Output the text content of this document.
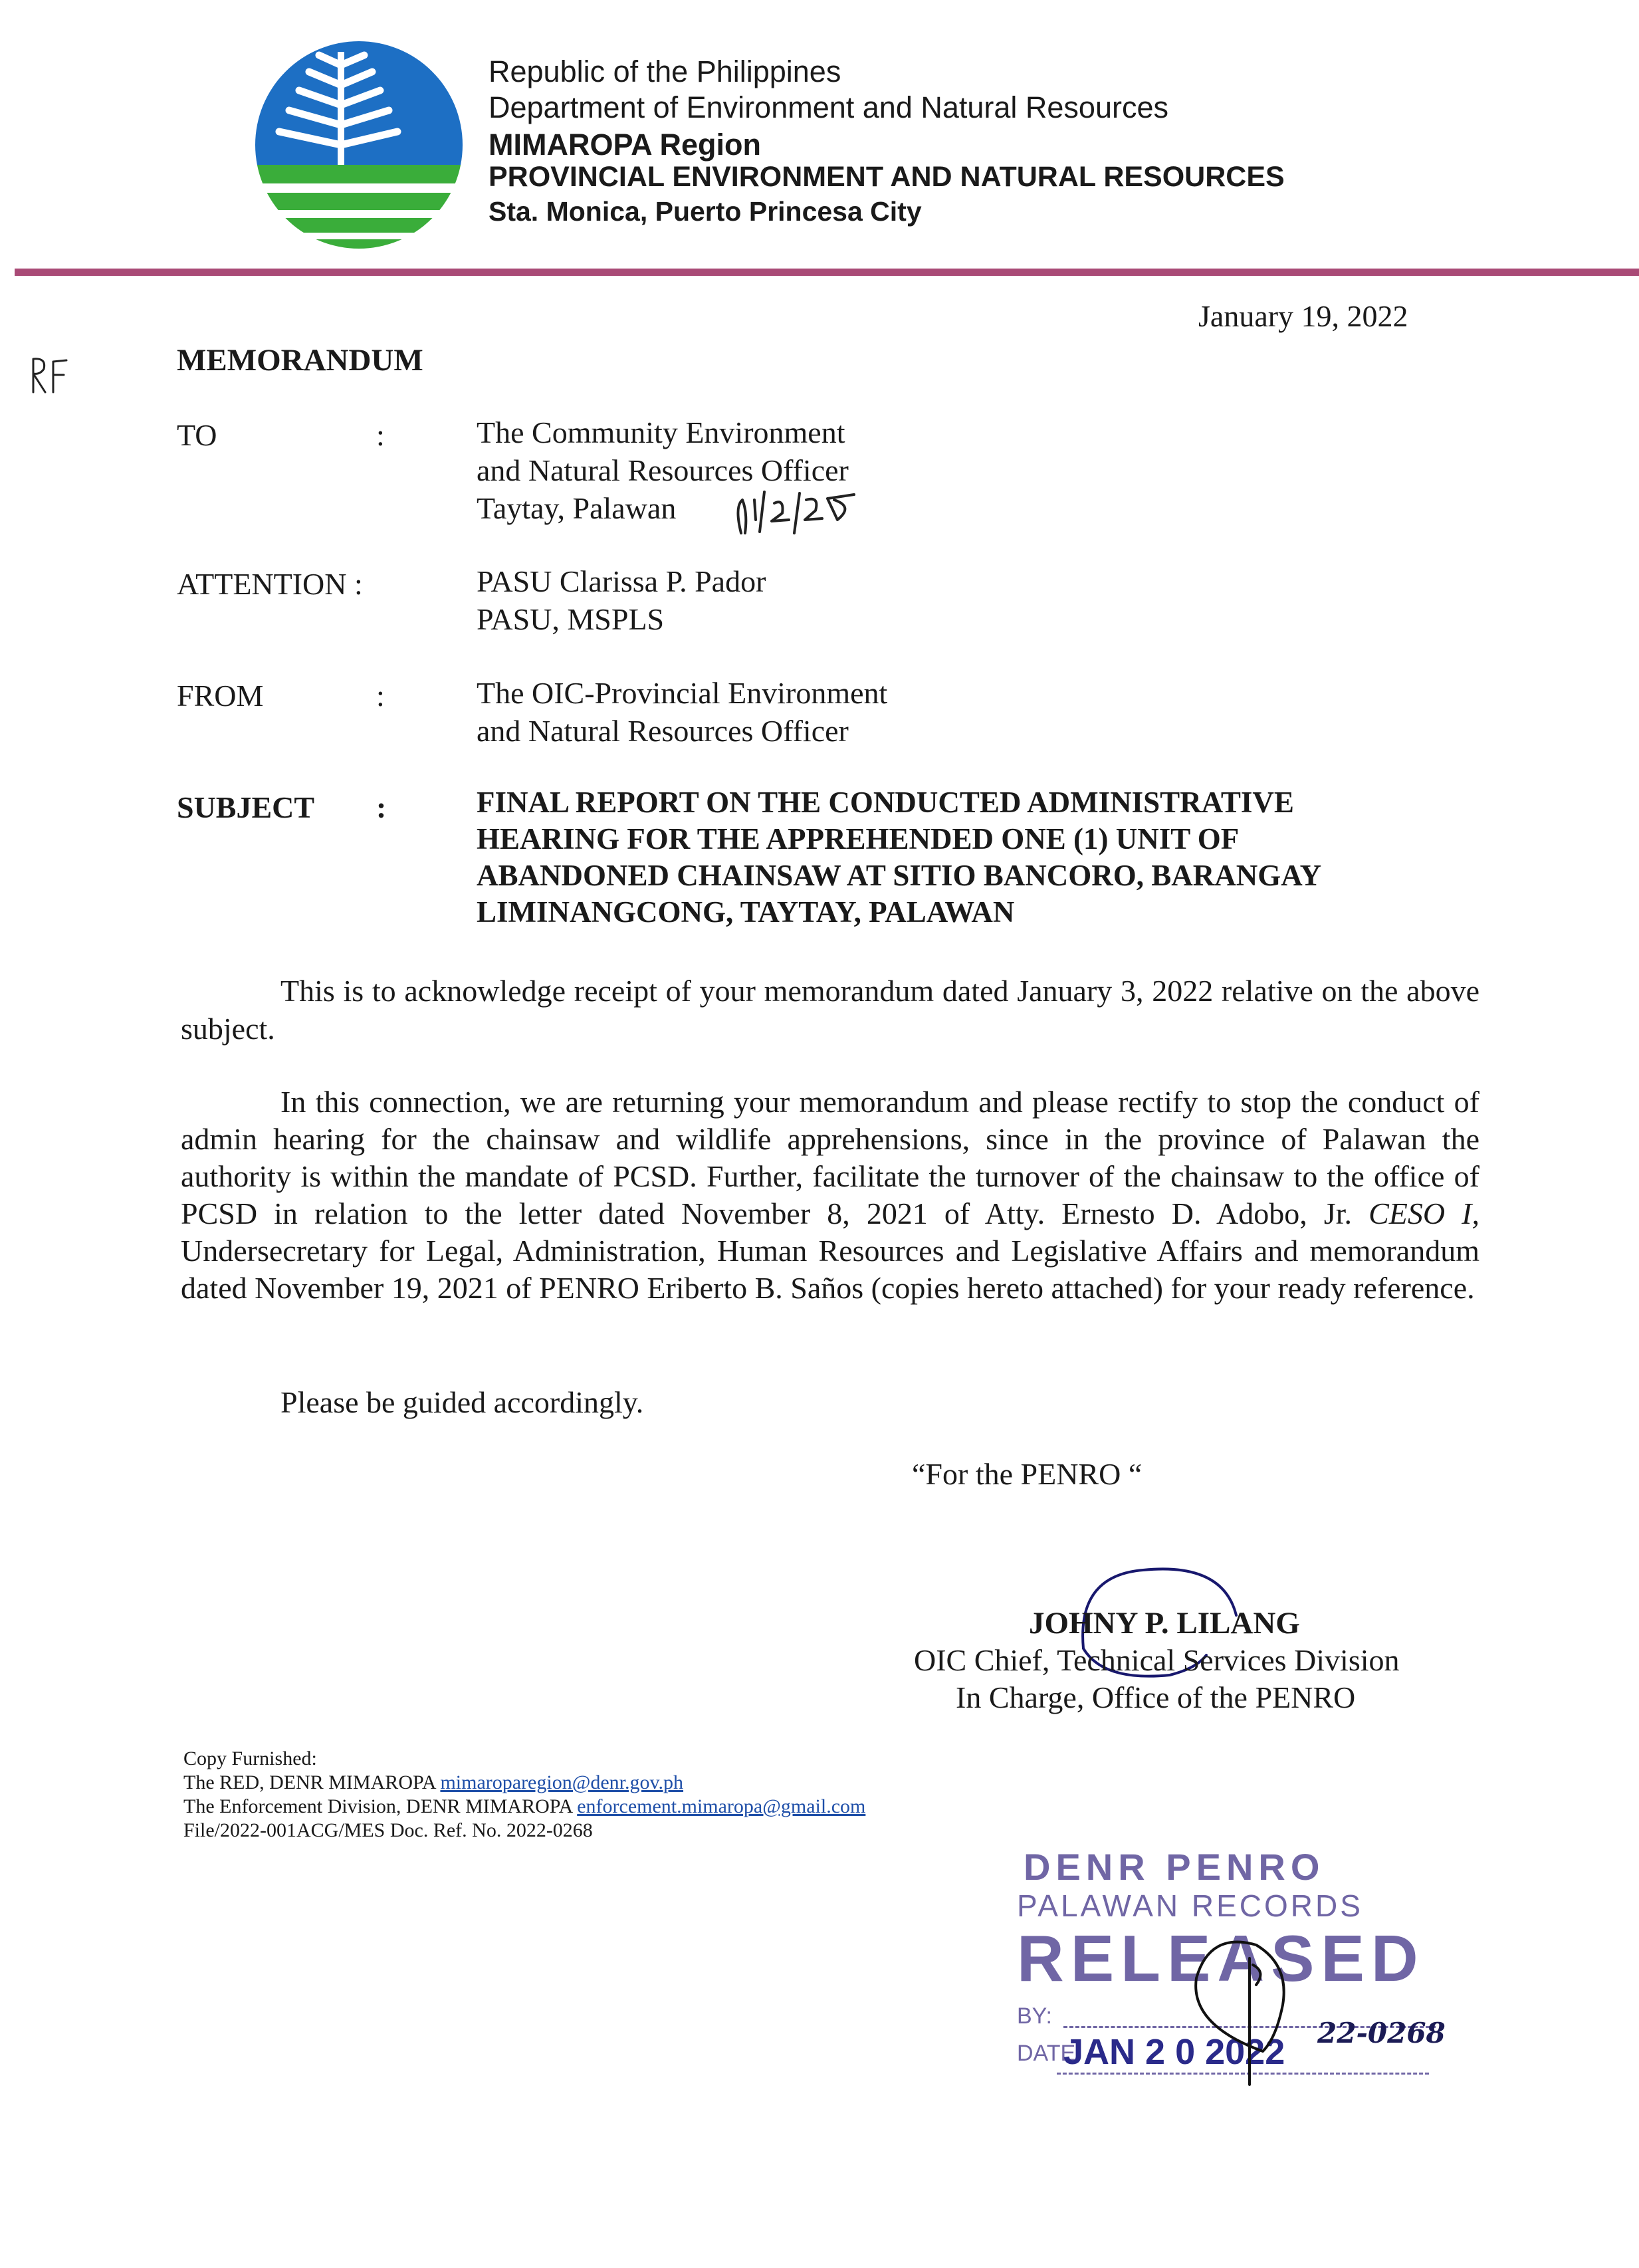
Republic of the Philippines
Department of Environment and Natural Resources
MIMAROPA Region
PROVINCIAL ENVIRONMENT AND NATURAL RESOURCES
Sta. Monica, Puerto Princesa City
January 19, 2022
MEMORANDUM
TO	:	The Community Environment
and Natural Resources Officer
Taytay, Palawan
ATTENTION :	PASU Clarissa P. Pador
PASU, MSPLS
FROM	:	The OIC-Provincial Environment
and Natural Resources Officer
SUBJECT :	FINAL REPORT ON THE CONDUCTED ADMINISTRATIVE
HEARING FOR THE APPREHENDED ONE (1) UNIT OF
ABANDONED CHAINSAW AT SITIO BANCORO, BARANGAY
LIMINANGCONG, TAYTAY, PALAWAN

This is to acknowledge receipt of your memorandum dated January 3, 2022 relative on the above subject.

In this connection, we are returning your memorandum and please rectify to stop the conduct of admin hearing for the chainsaw and wildlife apprehensions, since in the province of Palawan the authority is within the mandate of PCSD. Further, facilitate the turnover of the chainsaw to the office of PCSD in relation to the letter dated November 8, 2021 of Atty. Ernesto D. Adobo, Jr. CESO I, Undersecretary for Legal, Administration, Human Resources and Legislative Affairs and memorandum dated November 19, 2021 of PENRO Eriberto B. Saños (copies hereto attached) for your ready reference.

Please be guided accordingly.
“For the PENRO “
JOHNY P. LILANG
OIC Chief, Technical Services Division
In Charge, Office of the PENRO
Copy Furnished:
The RED, DENR MIMAROPA mimaroparegion@denr.gov.ph
The Enforcement Division, DENR MIMAROPA enforcement.mimaropa@gmail.com
File/2022-001ACG/MES Doc. Ref. No. 2022-0268
DENR PENRO
PALAWAN RECORDS
RELEASED
BY:
DATE
JAN 2 0 2022 22-0268
